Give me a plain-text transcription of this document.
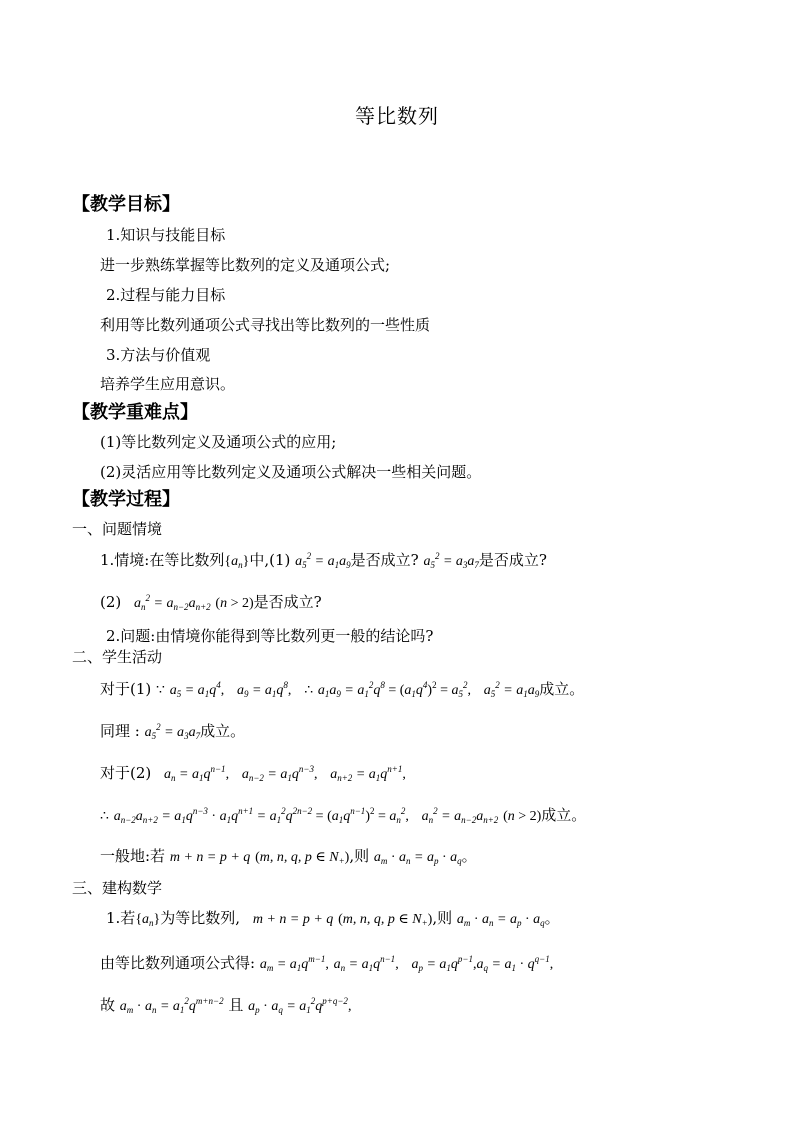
等比数列
【教学目标】
1.知识与技能目标
进一步熟练掌握等比数列的定义及通项公式;
2.过程与能力目标
利用等比数列通项公式寻找出等比数列的一些性质
3.方法与价值观
培养学生应用意识。
【教学重难点】
(1)等比数列定义及通项公式的应用;
(2)灵活应用等比数列定义及通项公式解决一些相关问题。
【教学过程】
一、问题情境
1.情境:在等比数列$\{a_n\}$中,(1) $a_5^2 = a_1a_9$是否成立? $a_5^2 = a_3a_7$是否成立?
(2) $a_n^2 = a_{n-2}a_{n+2}$ (n > 2)是否成立?
2.问题:由情境你能得到等比数列更一般的结论吗?
二、学生活动
对于(1) ∵ $a_5 = a_1q^4$, $a_9 = a_1q^8$, ∴ $a_1a_9 = a_1^2q^8 = (a_1q^4)^2 = a_5^2$, $a_5^2 = a_1a_9$成立。
同理 : $a_5^2 = a_3a_7$成立。
对于(2) $a_n = a_1q^{n-1}$, $a_{n-2} = a_1q^{n-3}$, $a_{n+2} = a_1q^{n+1}$,
∴ $a_{n-2}a_{n+2} = a_1q^{n-3} \cdot a_1q^{n+1} = a_1^2q^{2n-2} = (a_1q^{n-1})^2 = a_n^2$, $a_n^2 = a_{n-2}a_{n+2}$ (n > 2)成立。
一般地:若 m + n = p + q (m, n, q, p ∈ $N_+$),则 $a_m \cdot a_n = a_p \cdot a_q$。
三、建构数学
1.若$\{a_n\}$为等比数列, m + n = p + q (m, n, q, p ∈ $N_+$),则 $a_m \cdot a_n = a_p \cdot a_q$。
由等比数列通项公式得: $a_m = a_1q^{m-1}$, $a_n = a_1q^{n-1}$, $a_p = a_1q^{p-1},a_q = a_1 \cdot q^{q-1}$,
故 $a_m \cdot a_n = a_1^2q^{m+n-2}$ 且 $a_p \cdot a_q = a_1^2q^{p+q-2}$,
